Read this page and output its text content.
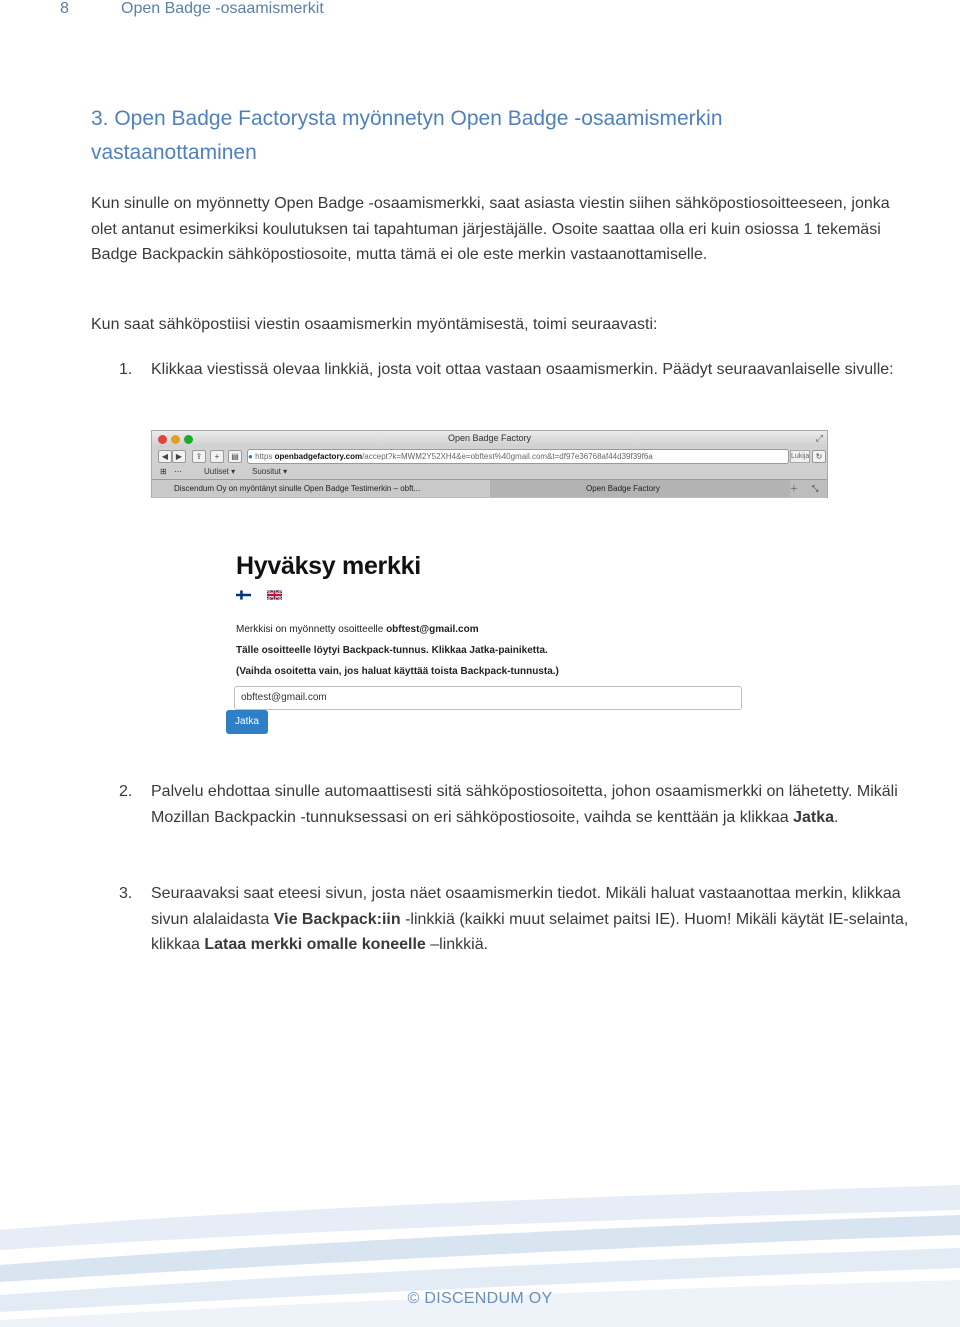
8	Open Badge -osaamismerkit
3. Open Badge Factorysta myönnetyn Open Badge -osaamismerkin vastaanottaminen
Kun sinulle on myönnetty Open Badge -osaamismerkki, saat asiasta viestin siihen sähköpostiosoitteeseen, jonka olet antanut esimerkiksi koulutuksen tai tapahtuman järjestäjälle. Osoite saattaa olla eri kuin osiossa 1 tekemäsi Badge Backpackin sähköpostiosoite, mutta tämä ei ole este merkin vastaanottamiselle.
Kun saat sähköpostiisi viestin osaamismerkin myöntämisestä, toimi seuraavasti:
1. Klikkaa viestissä olevaa linkkiä, josta voit ottaa vastaan osaamismerkin. Päädyt seuraavanlaiselle sivulle:
Open Badge Factory	⤢
◀ ▶	⇪	+	▤	● https openbadgefactory.com/accept?k=MWM2Y52XH4&e=obftest%40gmail.com&t=df97e36768af44d39f39f6a	Lukija ↻
⊞ ⋯	Uutiset ▾ Suositut ▾
Discendum Oy on myöntänyt sinulle Open Badge Testimerkin – obft...	Open Badge Factory	＋ ⤡
Hyväksy merkki
Merkkisi on myönnetty osoitteelle obftest@gmail.com
Tälle osoitteelle löytyi Backpack-tunnus. Klikkaa Jatka-painiketta.
(Vaihda osoitetta vain, jos haluat käyttää toista Backpack-tunnusta.)
obftest@gmail.com
Jatka
2. Palvelu ehdottaa sinulle automaattisesti sitä sähköpostiosoitetta, johon osaamismerkki on lähetetty. Mikäli Mozillan Backpackin -tunnuksessasi on eri sähköpostiosoite, vaihda se kenttään ja klikkaa Jatka.
3. Seuraavaksi saat eteesi sivun, josta näet osaamismerkin tiedot. Mikäli haluat vastaanottaa merkin, klikkaa sivun alalaidasta Vie Backpack:iin -linkkiä (kaikki muut selaimet paitsi IE). Huom! Mikäli käytät IE-selainta, klikkaa Lataa merkki omalle koneelle –linkkiä.
© DISCENDUM OY
